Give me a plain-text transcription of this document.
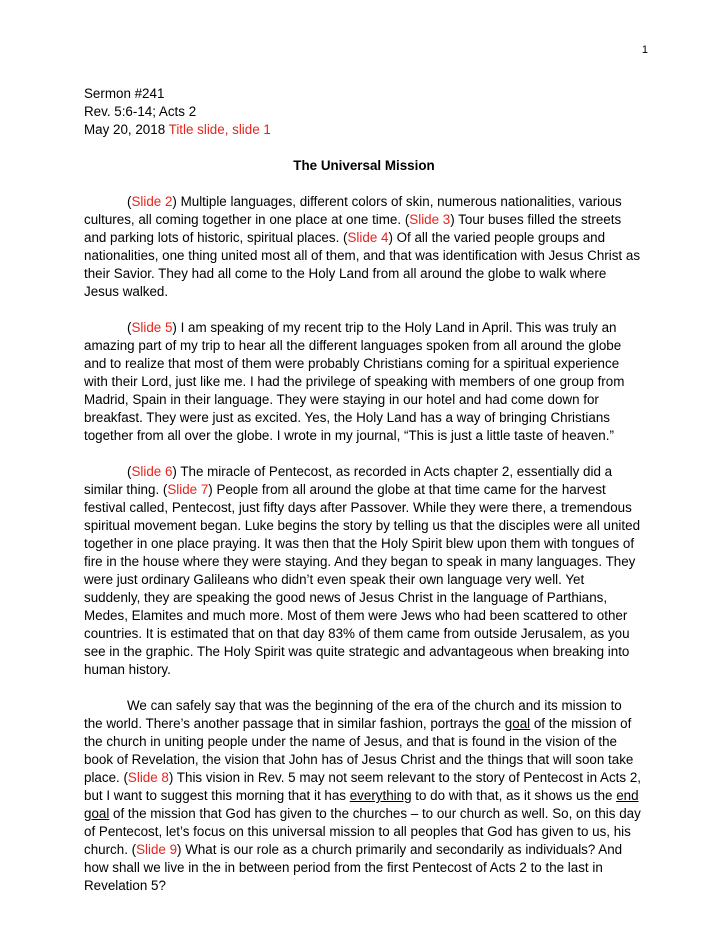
1
Sermon #241
Rev. 5:6-14; Acts 2
May 20, 2018 Title slide, slide 1
The Universal Mission

(Slide 2) Multiple languages, different colors of skin, numerous nationalities, various cultures, all coming together in one place at one time. (Slide 3) Tour buses filled the streets and parking lots of historic, spiritual places. (Slide 4) Of all the varied people groups and nationalities, one thing united most all of them, and that was identification with Jesus Christ as their Savior. They had all come to the Holy Land from all around the globe to walk where Jesus walked.

(Slide 5) I am speaking of my recent trip to the Holy Land in April. This was truly an amazing part of my trip to hear all the different languages spoken from all around the globe and to realize that most of them were probably Christians coming for a spiritual experience with their Lord, just like me. I had the privilege of speaking with members of one group from Madrid, Spain in their language. They were staying in our hotel and had come down for breakfast. They were just as excited. Yes, the Holy Land has a way of bringing Christians together from all over the globe. I wrote in my journal, “This is just a little taste of heaven.”

(Slide 6) The miracle of Pentecost, as recorded in Acts chapter 2, essentially did a similar thing. (Slide 7) People from all around the globe at that time came for the harvest festival called, Pentecost, just fifty days after Passover. While they were there, a tremendous spiritual movement began. Luke begins the story by telling us that the disciples were all united together in one place praying. It was then that the Holy Spirit blew upon them with tongues of fire in the house where they were staying. And they began to speak in many languages. They were just ordinary Galileans who didn’t even speak their own language very well. Yet suddenly, they are speaking the good news of Jesus Christ in the language of Parthians, Medes, Elamites and much more. Most of them were Jews who had been scattered to other countries. It is estimated that on that day 83% of them came from outside Jerusalem, as you see in the graphic. The Holy Spirit was quite strategic and advantageous when breaking into human history.

We can safely say that was the beginning of the era of the church and its mission to the world. There’s another passage that in similar fashion, portrays the goal of the mission of the church in uniting people under the name of Jesus, and that is found in the vision of the book of Revelation, the vision that John has of Jesus Christ and the things that will soon take place. (Slide 8) This vision in Rev. 5 may not seem relevant to the story of Pentecost in Acts 2, but I want to suggest this morning that it has everything to do with that, as it shows us the end goal of the mission that God has given to the churches – to our church as well. So, on this day of Pentecost, let’s focus on this universal mission to all peoples that God has given to us, his church. (Slide 9) What is our role as a church primarily and secondarily as individuals? And how shall we live in the in between period from the first Pentecost of Acts 2 to the last in Revelation 5?
